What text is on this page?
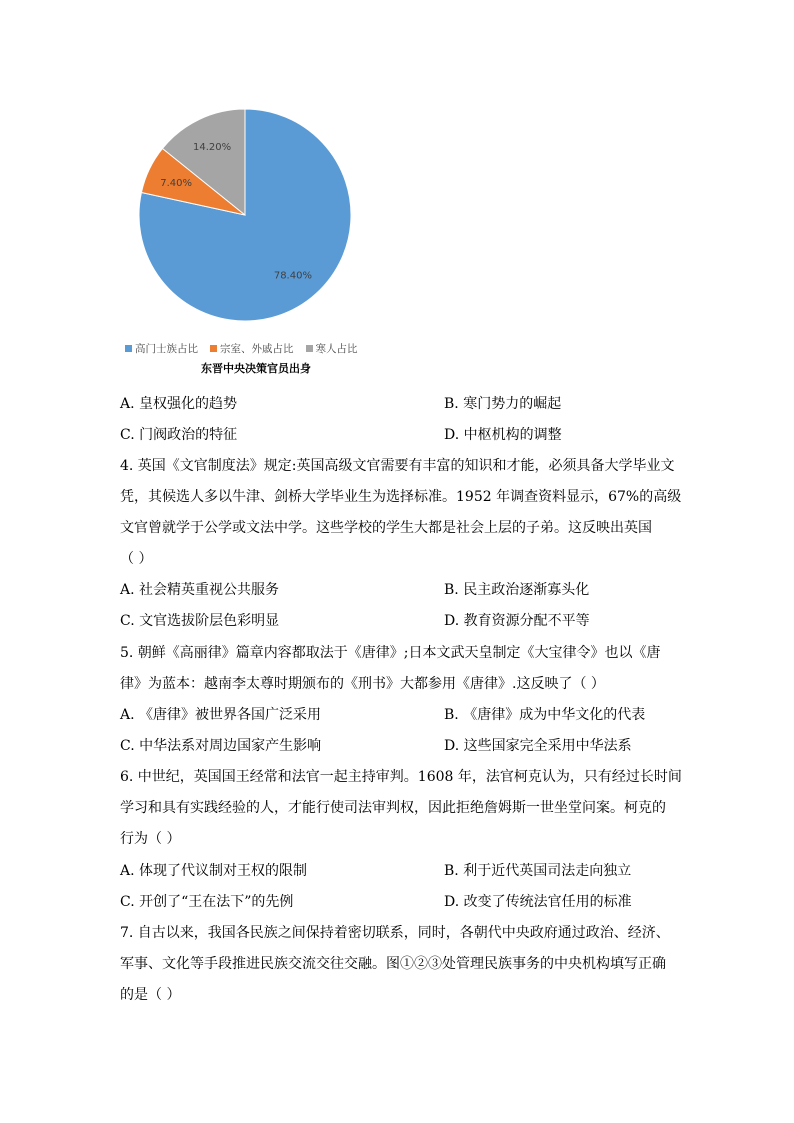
78.40%
7.40%
14.20%
高门士族占比 宗室、外戚占比 寒人占比
东晋中央决策官员出身
A. 皇权强化的趋势	B. 寒门势力的崛起
C. 门阀政治的特征	D. 中枢机构的调整
4. 英国《文官制度法》规定:英国高级文官需要有丰富的知识和才能，必须具备大学毕业文
凭，其候选人多以牛津、剑桥大学毕业生为选择标准。1952 年调查资料显示，67%的高级
文官曾就学于公学或文法中学。这些学校的学生大都是社会上层的子弟。这反映出英国
（ ）
A. 社会精英重视公共服务	B. 民主政治逐渐寡头化
C. 文官选拔阶层色彩明显	D. 教育资源分配不平等
5. 朝鲜《高丽律》篇章内容都取法于《唐律》;日本文武天皇制定《大宝律令》也以《唐
律》为蓝本：越南李太尊时期颁布的《刑书》大都参用《唐律》.这反映了（ ）
A. 《唐律》被世界各国广泛采用	B. 《唐律》成为中华文化的代表
C. 中华法系对周边国家产生影响	D. 这些国家完全采用中华法系
6. 中世纪，英国国王经常和法官一起主持审判。1608 年，法官柯克认为，只有经过长时间
学习和具有实践经验的人，才能行使司法审判权，因此拒绝詹姆斯一世坐堂问案。柯克的
行为（ ）
A. 体现了代议制对王权的限制	B. 利于近代英国司法走向独立
C. 开创了“王在法下”的先例	D. 改变了传统法官任用的标准
7. 自古以来，我国各民族之间保持着密切联系，同时，各朝代中央政府通过政治、经济、
军事、文化等手段推进民族交流交往交融。图①②③处管理民族事务的中央机构填写正确
的是（ ）
